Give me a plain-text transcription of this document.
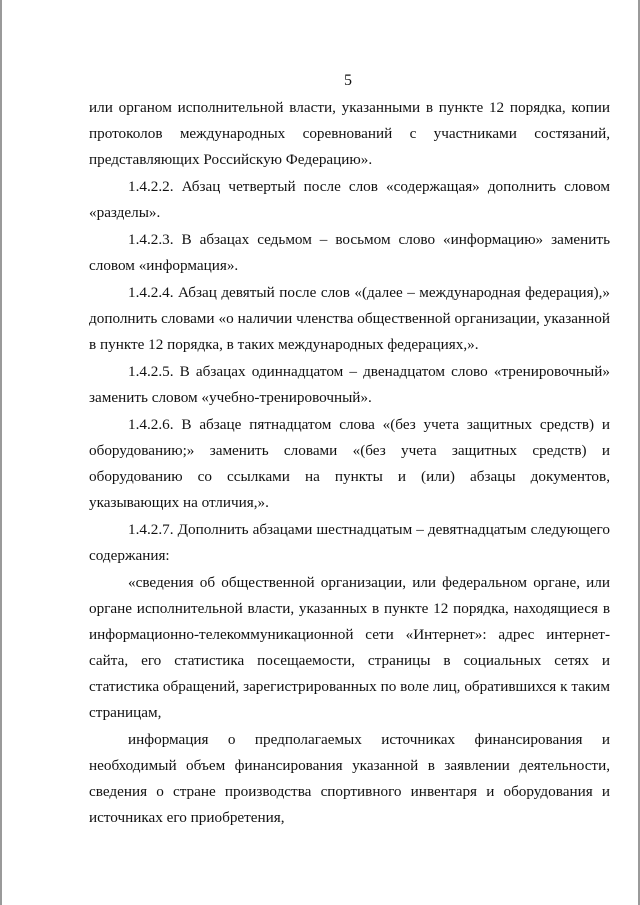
5

или органом исполнительной власти, указанными в пункте 12 порядка, копии протоколов международных соревнований с участниками состязаний, представляющих Российскую Федерацию».

1.4.2.2. Абзац четвертый после слов «содержащая» дополнить словом «разделы».

1.4.2.3. В абзацах седьмом – восьмом слово «информацию» заменить словом «информация».

1.4.2.4. Абзац девятый после слов «(далее – международная федерация),» дополнить словами «о наличии членства общественной организации, указанной в пункте 12 порядка, в таких международных федерациях,».

1.4.2.5. В абзацах одиннадцатом – двенадцатом слово «тренировочный» заменить словом «учебно-тренировочный».

1.4.2.6. В абзаце пятнадцатом слова «(без учета защитных средств) и оборудованию;» заменить словами «(без учета защитных средств) и оборудованию со ссылками на пункты и (или) абзацы документов, указывающих на отличия,».

1.4.2.7. Дополнить абзацами шестнадцатым – девятнадцатым следующего содержания:

«сведения об общественной организации, или федеральном органе, или органе исполнительной власти, указанных в пункте 12 порядка, находящиеся в информационно-телекоммуникационной сети «Интернет»: адрес интернет-сайта, его статистика посещаемости, страницы в социальных сетях и статистика обращений, зарегистрированных по воле лиц, обратившихся к таким страницам,

информация о предполагаемых источниках финансирования и необходимый объем финансирования указанной в заявлении деятельности, сведения о стране производства спортивного инвентаря и оборудования и источниках его приобретения,
